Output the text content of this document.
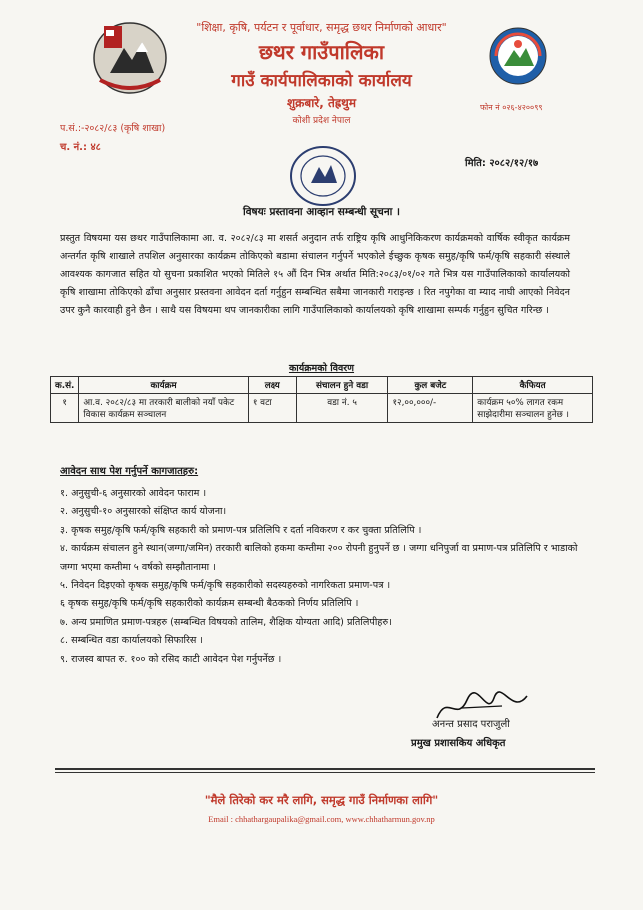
"शिक्षा, कृषि, पर्यटन र पूर्वाधार, समृद्ध छथर निर्माणको आधार"
छथर गाउँपालिका
गाउँ कार्यपालिकाको कार्यालय
शुक्रबारे, तेह्रथुम
कोशी प्रदेश नेपाल
फोन नं ०२६-४२००९९
प.सं.:-२०८२/८३ (कृषि शाखा)
च. नं.: ४८
मिति: २०८२/१२/१७
विषयः प्रस्तावना आव्हान सम्बन्धी सूचना ।
प्रस्तुत विषयमा यस छथर गाउँपालिकामा आ. व. २०८२/८३ मा शसर्त अनुदान तर्फ राष्ट्रिय कृषि आधुनिकिकरण कार्यक्रमको वार्षिक स्वीकृत कार्यक्रम अन्तर्गत कृषि शाखाले तपशिल अनुसारका कार्यक्रम तोकिएको बडामा संचालन गर्नुपर्ने भएकोले ईच्छुक कृषक समुह/कृषि फर्म/कृषि सहकारी संस्थाले आवश्यक कागजात सहित यो सुचना प्रकाशित भएको मितिले १५ औं दिन भित्र अर्थात मिति:२०८३/०१/०२ गते भित्र यस गाउँपालिकाको कार्यालयको कृषि शाखामा तोकिएको ढाँचा अनुसार प्रस्तवना आवेदन दर्ता गर्नुहुन सम्बन्धित सबैमा जानकारी गराइन्छ । रित नपुगेका वा म्याद नाघी आएको निवेदन उपर कुनै कारवाही हुने छैन । साथै यस विषयमा थप जानकारीका लागि गाउँपालिकाको कार्यालयको कृषि शाखामा सम्पर्क गर्नुहुन सुचित गरिन्छ ।
कार्यक्रमको विवरण
क.सं.	कार्यक्रम	लक्ष्य	संचालन हुने वडा	कुल बजेट	कैफियत
१	आ.व. २०८२/८३ मा तरकारी बालीको नयाँ पकेट विकास कार्यक्रम सञ्चालन	१ वटा	वडा नं. ५	१२,००,०००/-	कार्यक्रम ५०% लागत रकम साझेदारीमा सञ्चालन हुनेछ ।
आवेदन साथ पेश गर्नुपर्ने कागजातहरु:
१. अनुसुची-६ अनुसारको आवेदन फाराम ।
२. अनुसुची-१० अनुसारको संक्षिप्त कार्य योजना।
३. कृषक समुह/कृषि फर्म/कृषि सहकारी को प्रमाण-पत्र प्रतिलिपि र दर्ता नविकरण र कर चुक्ता प्रतिलिपि ।
४. कार्यक्रम संचालन हुने स्थान(जग्गा/जमिन) तरकारी बालिको हकमा कम्तीमा २०० रोपनी हुनुपर्ने छ । जग्गा धनिपुर्जा वा प्रमाण-पत्र प्रतिलिपि र भाडाको जग्गा भएमा कम्तीमा ५ वर्षको सम्झौतानामा ।
५. निवेदन दिइएको कृषक समुह/कृषि फर्म/कृषि सहकारीको सदस्यहरुको नागरिकता प्रमाण-पत्र ।
६ कृषक समुह/कृषि फर्म/कृषि सहकारीको कार्यक्रम सम्बन्धी बैठकको निर्णय प्रतिलिपि ।
७. अन्य प्रमाणित प्रमाण-पत्रहरु (सम्बन्धित विषयको तालिम, शैक्षिक योग्यता आदि) प्रतिलिपीहरु।
८. सम्बन्धित वडा कार्यालयको सिफारिस ।
९. राजस्व बापत रु. १०० को रसिद काटी आवेदन पेश गर्नुपर्नेछ ।
अनन्त प्रसाद पराजुली
प्रमुख प्रशासकिय अधिकृत
"मैले तिरेको कर मरै लागि, समृद्ध गाउँ निर्माणका लागि"
Email : chhathargaupalika@gmail.com, www.chhatharmun.gov.np
